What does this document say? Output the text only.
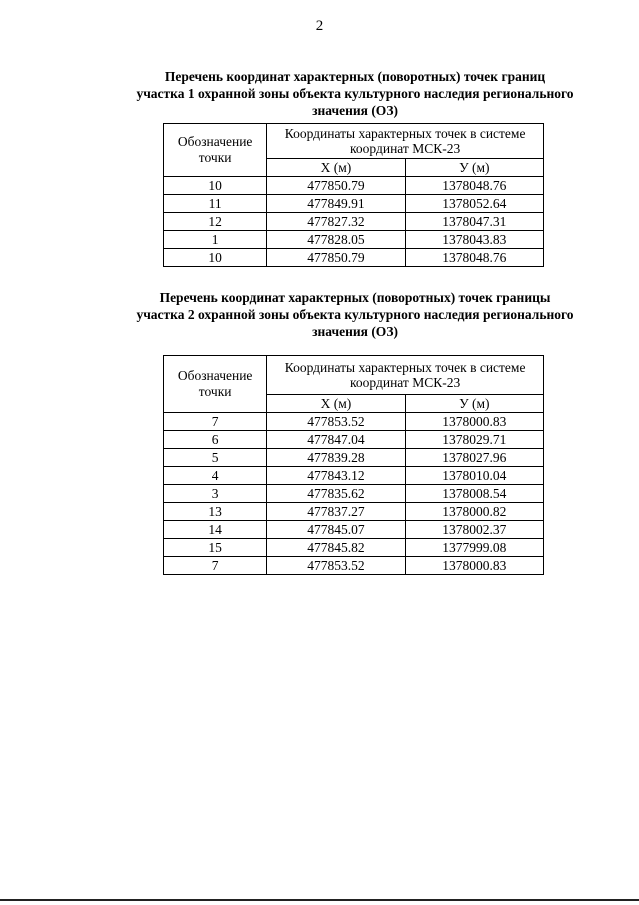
2
Перечень координат характерных (поворотных) точек границ
участка 1 охранной зоны объекта культурного наследия регионального
значения (ОЗ)
Обозначение точки	Координаты характерных точек в системе координат МСК-23	
	X (м)	У (м)
10	477850.79	1378048.76
11	477849.91	1378052.64
12	477827.32	1378047.31
1	477828.05	1378043.83
10	477850.79	1378048.76
Перечень координат характерных (поворотных) точек границы
участка 2 охранной зоны объекта культурного наследия регионального
значения (ОЗ)
Обозначение точки	Координаты характерных точек в системе координат МСК-23	
	X (м)	У (м)
7	477853.52	1378000.83
6	477847.04	1378029.71
5	477839.28	1378027.96
4	477843.12	1378010.04
3	477835.62	1378008.54
13	477837.27	1378000.82
14	477845.07	1378002.37
15	477845.82	1377999.08
7	477853.52	1378000.83
